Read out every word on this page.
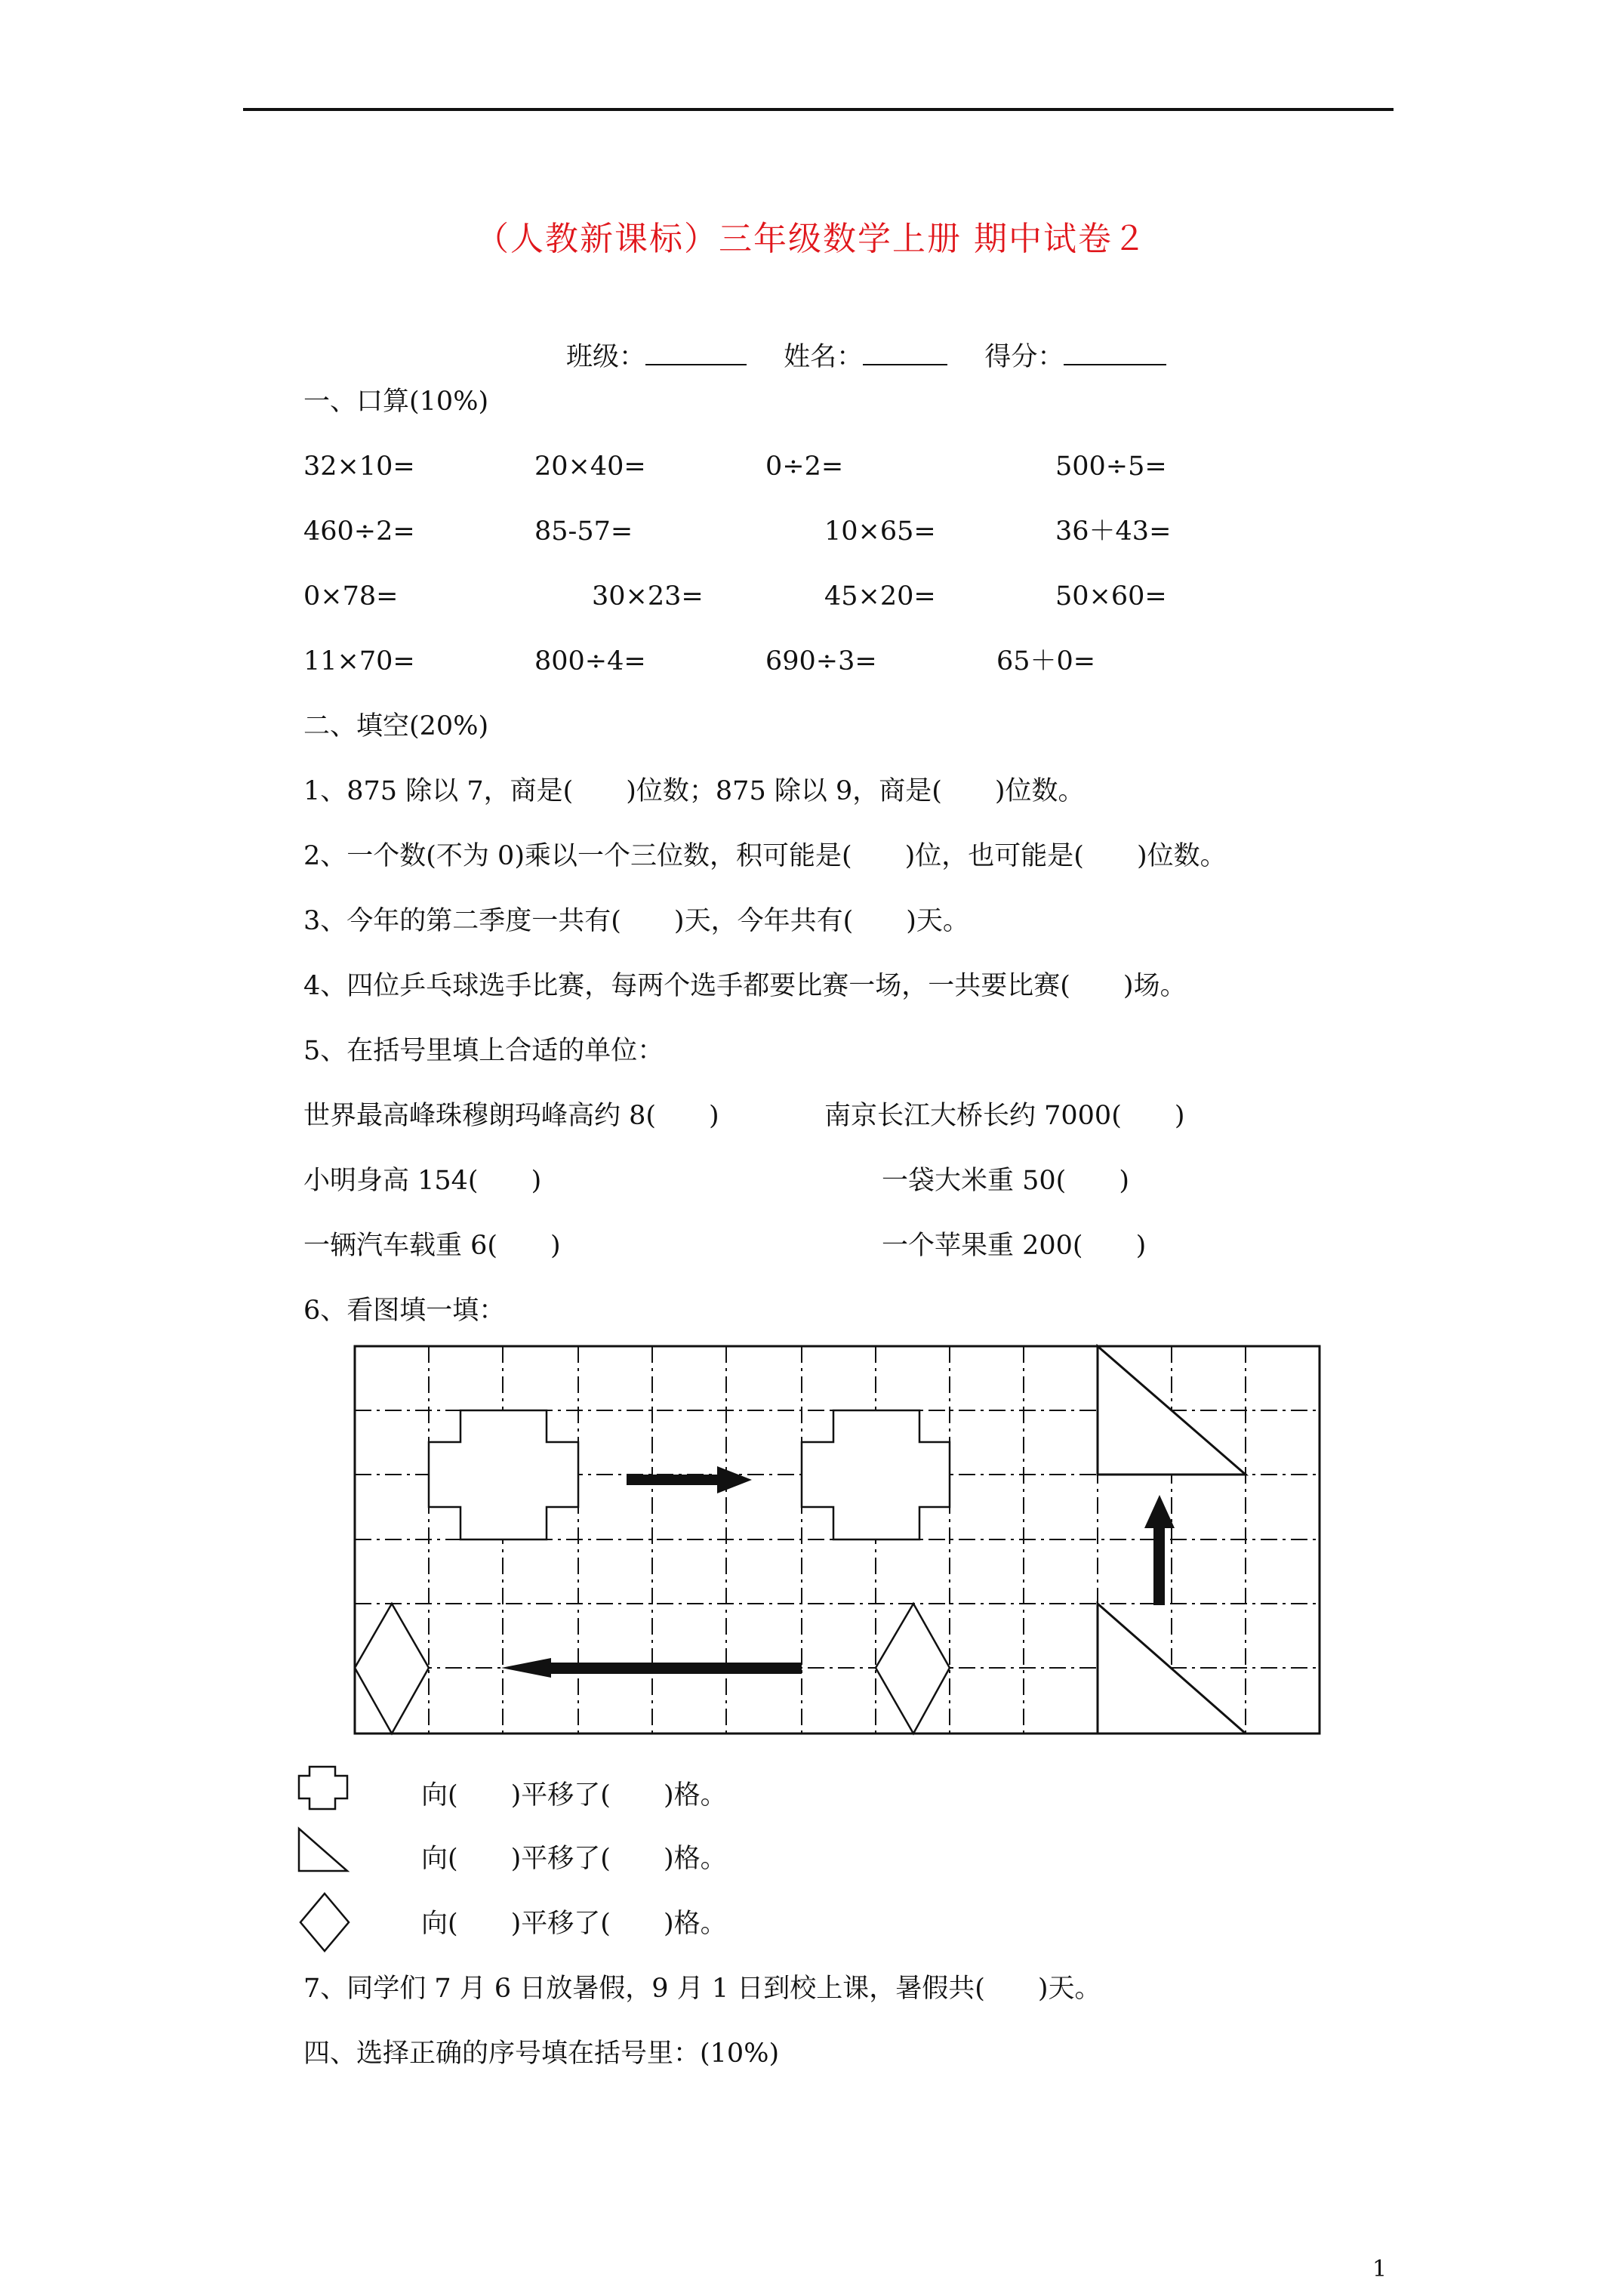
（人教新课标）三年级数学上册 期中试卷２
班级：	姓名：	得分：
一、口算(10%)
32×10=	20×40=	0÷2=	500÷5=
460÷2=	85-57=	10×65=	36＋43=
0×78=	30×23=	45×20=	50×60=
11×70=	800÷4=	690÷3=	65＋0=
二、填空(20%)
1、875 除以 7，商是(　　)位数；875 除以 9，商是(　　)位数。
2、一个数(不为 0)乘以一个三位数，积可能是(　　)位，也可能是(　　)位数。
3、今年的第二季度一共有(　　)天，今年共有(　　)天。
4、四位乒乓球选手比赛，每两个选手都要比赛一场，一共要比赛(　　)场。
5、在括号里填上合适的单位：
世界最高峰珠穆朗玛峰高约 8(　　)	南京长江大桥长约 7000(　　)
小明身高 154(　　)	一袋大米重 50(　　)
一辆汽车载重 6(　　)	一个苹果重 200(　　)
6、看图填一填：
向(　　)平移了(　　)格。
向(　　)平移了(　　)格。
向(　　)平移了(　　)格。
7、同学们 7 月 6 日放暑假，9 月 1 日到校上课，暑假共(　　)天。
四、选择正确的序号填在括号里：(10%)
1
